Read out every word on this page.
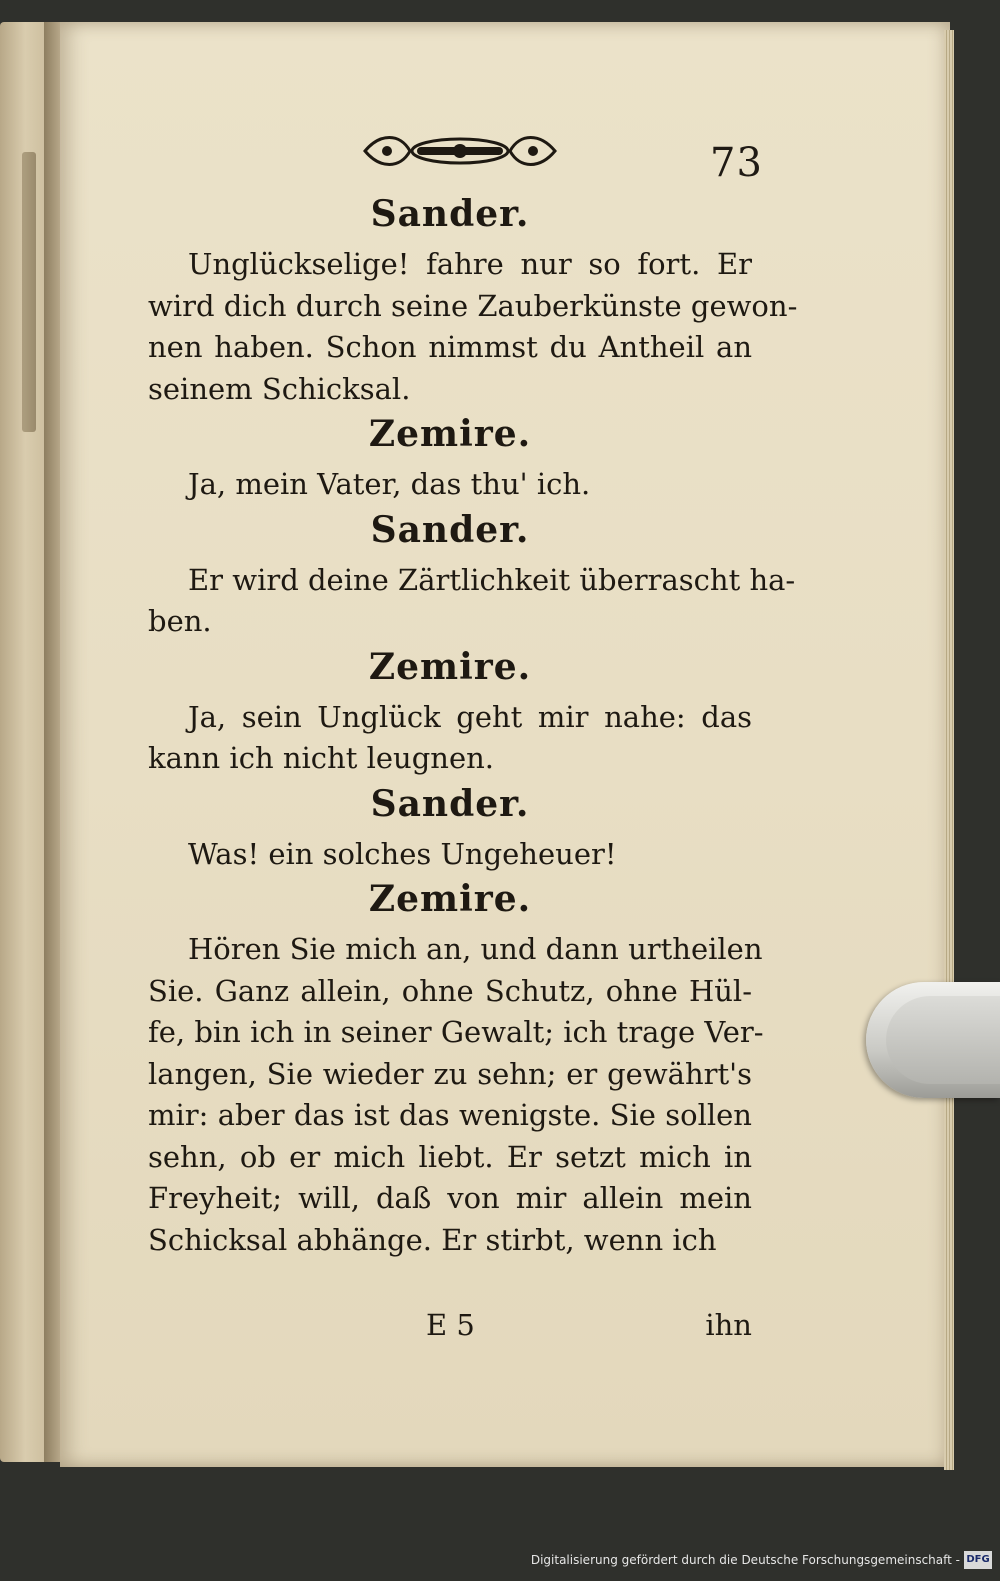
73
Sander.
Unglückselige! fahre nur so fort. Er
wird dich durch seine Zauberkünste gewon-
nen haben. Schon nimmst du Antheil an
seinem Schicksal.
Zemire.
Ja, mein Vater, das thu' ich.
Sander.
Er wird deine Zärtlichkeit überrascht ha-
ben.
Zemire.
Ja, sein Unglück geht mir nahe: das
kann ich nicht leugnen.
Sander.
Was! ein solches Ungeheuer!
Zemire.
Hören Sie mich an, und dann urtheilen
Sie. Ganz allein, ohne Schutz, ohne Hül-
fe, bin ich in seiner Gewalt; ich trage Ver-
langen, Sie wieder zu sehn; er gewährt's
mir: aber das ist das wenigste. Sie sollen
sehn, ob er mich liebt. Er setzt mich in
Freyheit; will, daß von mir allein mein
Schicksal abhänge. Er stirbt, wenn ich
E 5	ihn
Digitalisierung gefördert durch die Deutsche Forschungsgemeinschaft - DFG
